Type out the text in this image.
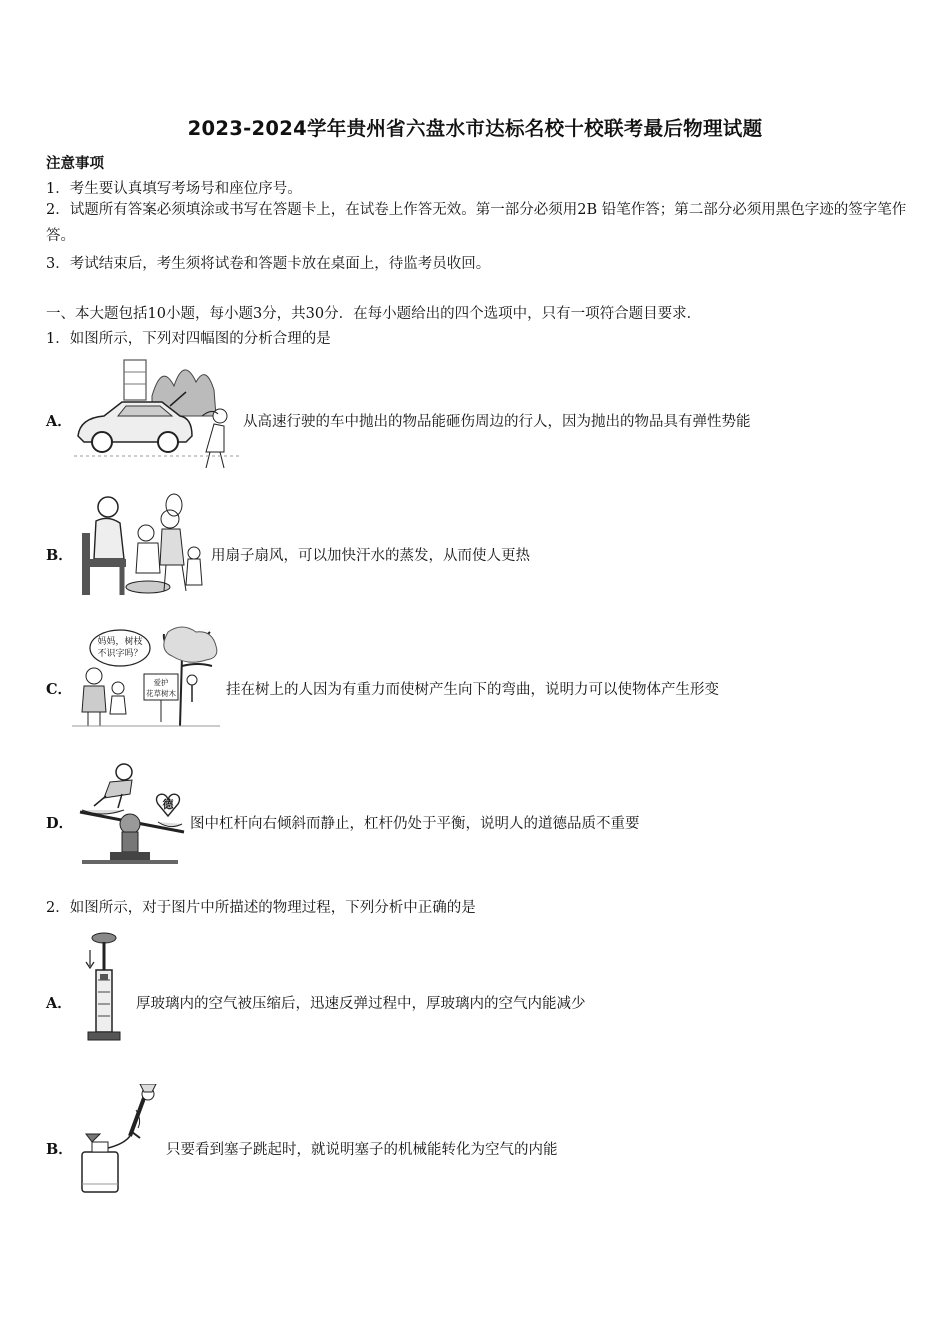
2023-2024学年贵州省六盘水市达标名校十校联考最后物理试题
注意事项
1．考生要认真填写考场号和座位序号。
2．试题所有答案必须填涂或书写在答题卡上，在试卷上作答无效。第一部分必须用2B 铅笔作答；第二部分必须用黑色字迹的签字笔作答。
3．考试结束后，考生须将试卷和答题卡放在桌面上，待监考员收回。
一、本大题包括10小题，每小题3分，共30分．在每小题给出的四个选项中，只有一项符合题目要求．
1．如图所示，下列对四幅图的分析合理的是
A．	从高速行驶的车中抛出的物品能砸伤周边的行人，因为抛出的物品具有弹性势能
B．	用扇子扇风，可以加快汗水的蒸发，从而使人更热
C．
妈妈，树枝
不识字吗？
爱护
花草树木	挂在树上的人因为有重力而使树产生向下的弯曲，说明力可以使物体产生形变
D．
德
图中杠杆向右倾斜而静止，杠杆仍处于平衡，说明人的道德品质不重要
2．如图所示，对于图片中所描述的物理过程，下列分析中正确的是
A．	厚玻璃内的空气被压缩后，迅速反弹过程中，厚玻璃内的空气内能减少
B．	只要看到塞子跳起时，就说明塞子的机械能转化为空气的内能
